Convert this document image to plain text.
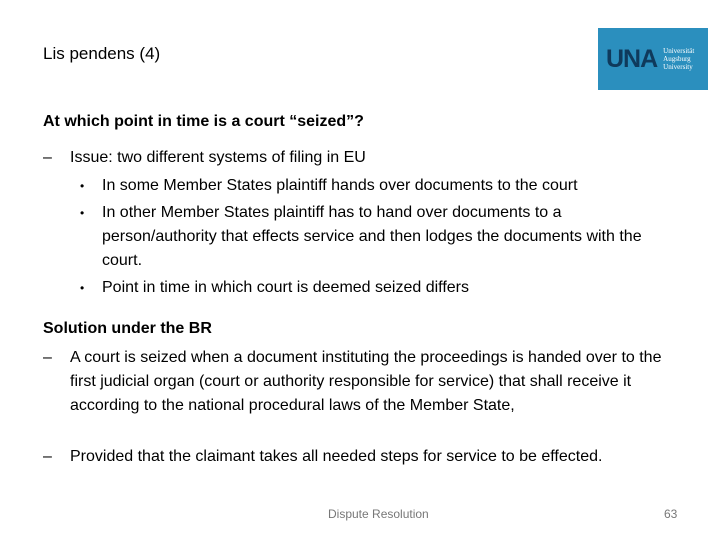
Lis pendens (4)	UNA Universität
Augsburg
University
At which point in time is a court “seized”?
– Issue: two different systems of filing in EU
• In some Member States plaintiff hands over documents to the court
• In other Member States plaintiff has to hand over documents to a person/authority that effects service and then lodges the documents with the court.
• Point in time in which court is deemed seized differs
Solution under the BR
– A court is seized when a document instituting the proceedings is handed over to the first judicial organ (court or authority responsible for service) that shall receive it according to the national procedural laws of the Member State,
– Provided that the claimant takes all needed steps for service to be effected.
Dispute Resolution	63
